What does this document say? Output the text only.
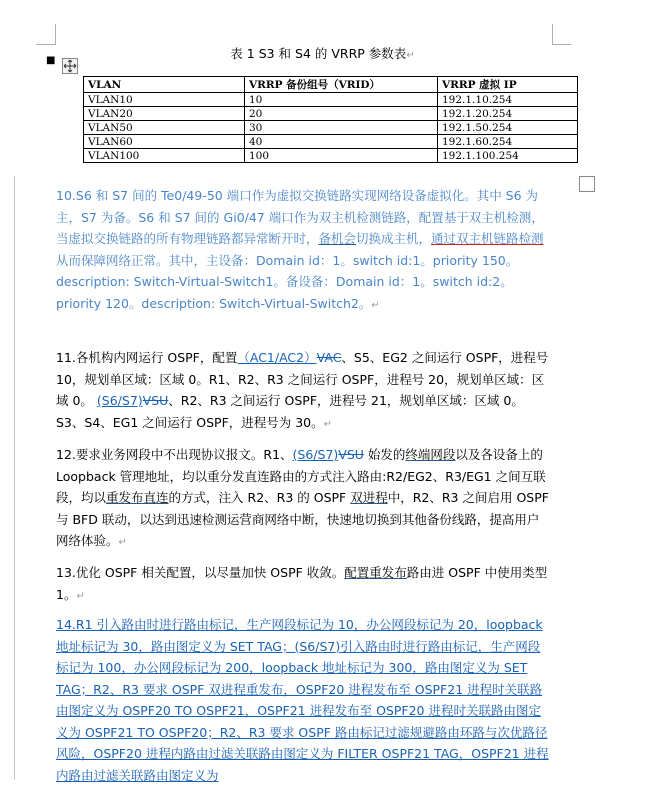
■	表 1 S3 和 S4 的 VRRP 参数表↵
VLAN	VRRP 备份组号（VRID）	VRRP 虚拟 IP
VLAN10	10	192.1.10.254
VLAN20	20	192.1.20.254
VLAN50	30	192.1.50.254
VLAN60	40	192.1.60.254
VLAN100	100	192.1.100.254
10.S6 和 S7 间的 Te0/49-50 端口作为虚拟交换链路实现网络设备虚拟化。其中 S6 为主，S7 为备。S6 和 S7 间的 Gi0/47 端口作为双主机检测链路，配置基于双主机检测，当虚拟交换链路的所有物理链路都异常断开时，备机会切换成主机，通过双主机链路检测从而保障网络正常。其中，主设备：Domain id：1。switch id:1。priority 150。 description: Switch-Virtual-Switch1。备设备：Domain id：1。switch id:2。priority 120。description: Switch-Virtual-Switch2。↵
11.各机构内网运行 OSPF，配置（AC1/AC2）VAC、S5、EG2 之间运行 OSPF，进程号 10，规划单区域：区域 0。R1、R2、R3 之间运行 OSPF，进程号 20，规划单区域：区域 0。 (S6/S7)VSU、R2、R3 之间运行 OSPF，进程号 21，规划单区域：区域 0。S3、S4、EG1 之间运行 OSPF，进程号为 30。↵
12.要求业务网段中不出现协议报文。R1、(S6/S7)VSU 始发的终端网段以及各设备上的 Loopback 管理地址，均以重分发直连路由的方式注入路由:R2/EG2、R3/EG1 之间互联段，均以重发布直连的方式，注入 R2、R3 的 OSPF 双进程中，R2、R3 之间启用 OSPF 与 BFD 联动，以达到迅速检测运营商网络中断，快速地切换到其他备份线路，提高用户网络体验。↵
13.优化 OSPF 相关配置，以尽量加快 OSPF 收敛。配置重发布路由进 OSPF 中使用类型 1。↵
14.R1 引入路由时进行路由标记，生产网段标记为 10，办公网段标记为 20，loopback 地址标记为 30，路由图定义为 SET TAG；(S6/S7)引入路由时进行路由标记，生产网段标记为 100，办公网段标记为 200，loopback 地址标记为 300，路由图定义为 SET TAG；R2、R3 要求 OSPF 双进程重发布，OSPF20 进程发布至 OSPF21 进程时关联路由图定义为 OSPF20 TO OSPF21，OSPF21 进程发布至 OSPF20 进程时关联路由图定义为 OSPF21 TO OSPF20；R2、R3 要求 OSPF 路由标记过滤规避路由环路与次优路径风险，OSPF20 进程内路由过滤关联路由图定义为 FILTER OSPF21 TAG，OSPF21 进程内路由过滤关联路由图定义为
